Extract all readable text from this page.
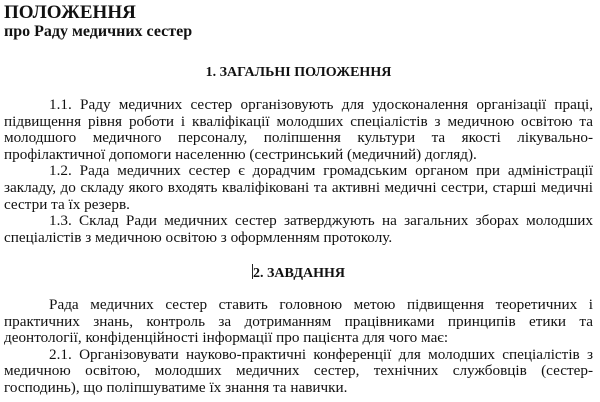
ПОЛОЖЕННЯ
про Раду медичних сестер
1. ЗАГАЛЬНІ ПОЛОЖЕННЯ

1.1. Раду медичних сестер організовують для удосконалення організації праці, підвищення рівня роботи і кваліфікації молодших спеціалістів з медичною освітою та молодшого медичного персоналу, поліпшення культури та якості лікувально-профілактичної допомоги населенню (сестринський (медичний) догляд).

1.2. Рада медичних сестер є дорадчим громадським органом при адміністрації закладу, до складу якого входять кваліфіковані та активні медичні сестри, старші медичні сестри та їх резерв.

1.3. Склад Ради медичних сестер затверджують на загальних зборах молодших спеціалістів з медичною освітою з оформленням протоколу.

2. ЗАВДАННЯ

Рада медичних сестер ставить головною метою підвищення теоретичних і практичних знань, контроль за дотриманням працівниками принципів етики та деонтології, конфіденційності інформації про пацієнта для чого має:

2.1. Організовувати науково-практичні конференції для молодших спеціалістів з медичною освітою, молодших медичних сестер, технічних службовців (сестер-господинь), що поліпшуватиме їх знання та навички.
